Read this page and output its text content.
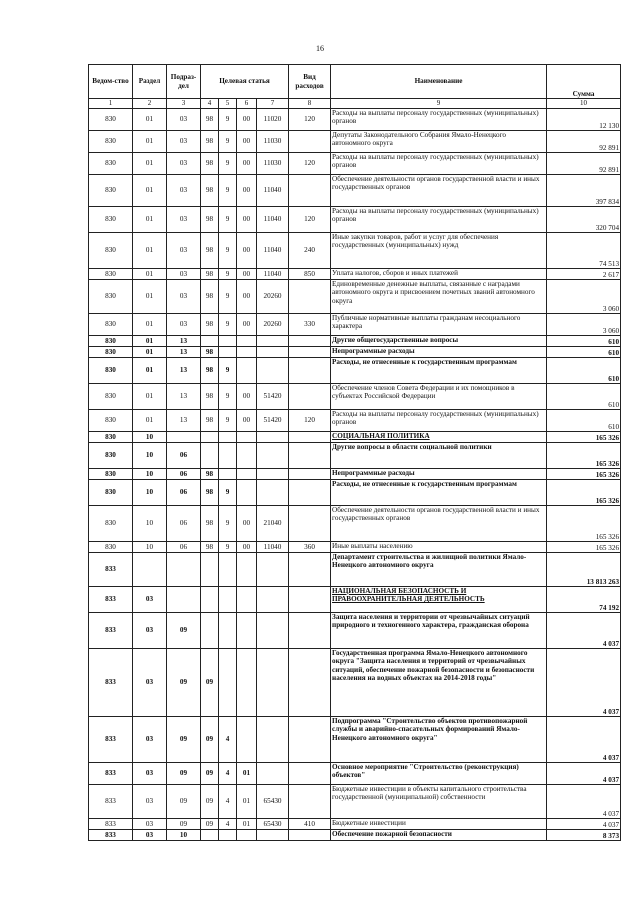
16
Ведом-ство	Раздел	Подраз-дел	Целевая статья				Вид расходов	Наименование	Сумма
1	2	3	4	5	6	7	8	9	10
830	01	03	98	9	00	11020	120	Расходы на выплаты персоналу государственных (муниципальных) органов	12 130
830	01	03	98	9	00	11030		Депутаты Законодательного Собрания Ямало-Ненецкого автономного округа	92 891
830	01	03	98	9	00	11030	120	Расходы на выплаты персоналу государственных (муниципальных) органов	92 891
830	01	03	98	9	00	11040		Обеспечение деятельности органов государственной власти и иных государственных органов	397 834
830	01	03	98	9	00	11040	120	Расходы на выплаты персоналу государственных (муниципальных) органов	320 704
830	01	03	98	9	00	11040	240	Иные закупки товаров, работ и услуг для обеспечения государственных (муниципальных) нужд	74 513
830	01	03	98	9	00	11040	850	Уплата налогов, сборов и иных платежей	2 617
830	01	03	98	9	00	20260		Единовременные денежные выплаты, связанные с наградами автономного округа и присвоением почетных званий автономного округа	3 060
830	01	03	98	9	00	20260	330	Публичные нормативные выплаты гражданам несоциального характера	3 060
830	01	13						Другие общегосударственные вопросы	610
830	01	13	98					Непрограммные расходы	610
830	01	13	98	9				Расходы, не отнесенные к государственным программам	610
830	01	13	98	9	00	51420		Обеспечение членов Совета Федерации и их помощников в субъектах Российской Федерации	610
830	01	13	98	9	00	51420	120	Расходы на выплаты персоналу государственных (муниципальных) органов	610
830	10							СОЦИАЛЬНАЯ ПОЛИТИКА	165 326
830	10	06						Другие вопросы в области социальной политики	165 326
830	10	06	98					Непрограммные расходы	165 326
830	10	06	98	9				Расходы, не отнесенные к государственным программам	165 326
830	10	06	98	9	00	21040		Обеспечение деятельности органов государственной власти и иных государственных органов	165 326
830	10	06	98	9	00	11040	360	Иные выплаты населению	165 326
833								Департамент строительства и жилищной политики Ямало-Ненецкого автономного округа	13 813 263
833	03							НАЦИОНАЛЬНАЯ БЕЗОПАСНОСТЬ И ПРАВООХРАНИТЕЛЬНАЯ ДЕЯТЕЛЬНОСТЬ	74 192
833	03	09						Защита населения и территории от чрезвычайных ситуаций природного и техногенного характера, гражданская оборона	4 037
833	03	09	09					Государственная программа Ямало-Ненецкого автономного округа "Защита населения и территорий от чрезвычайных ситуаций, обеспечение пожарной безопасности и безопасности населения на водных объектах на 2014-2018 годы"	4 037
833	03	09	09	4				Подпрограмма "Строительство объектов противопожарной службы и аварийно-спасательных формирований Ямало-Ненецкого автономного округа"	4 037
833	03	09	09	4	01			Основное мероприятие "Строительство (реконструкция) объектов"	4 037
833	03	09	09	4	01	65430		Бюджетные инвестиции в объекты капитального строительства государственной (муниципальной) собственности	4 037
833	03	09	09	4	01	65430	410	Бюджетные инвестиции	4 037
833	03	10						Обеспечение пожарной безопасности	8 373
